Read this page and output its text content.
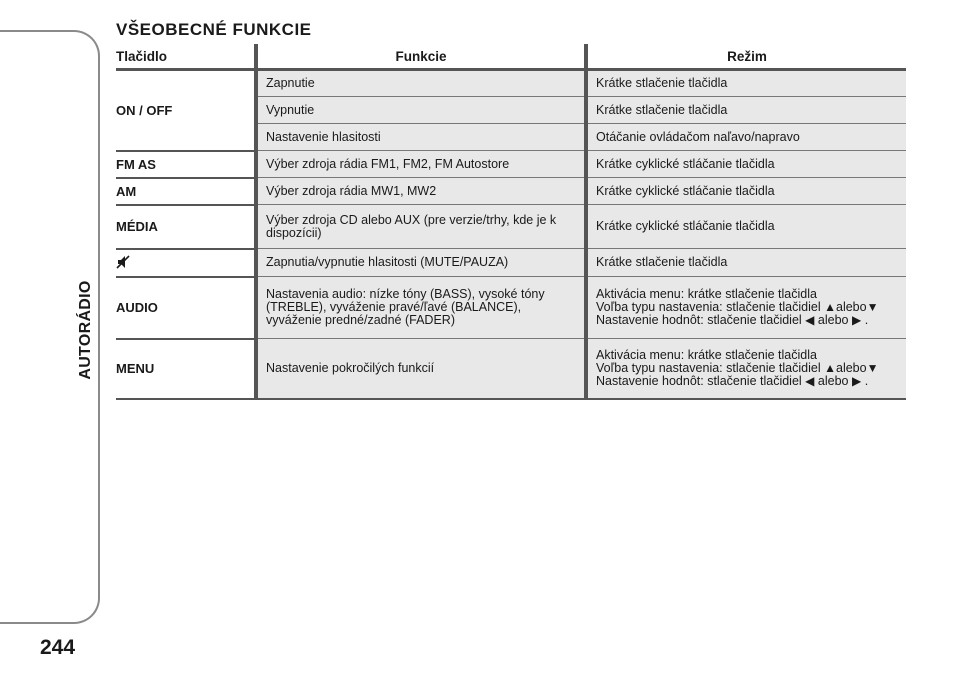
AUTORÁDIO
244
VŠEOBECNÉ FUNKCIE
Tlačidlo	Funkcie	Režim
ON / OFF	Zapnutie	Krátke stlačenie tlačidla
	Vypnutie	Krátke stlačenie tlačidla
	Nastavenie hlasitosti	Otáčanie ovládačom naľavo/napravo
FM AS	Výber zdroja rádia FM1, FM2, FM Autostore	Krátke cyklické stláčanie tlačidla
AM	Výber zdroja rádia MW1, MW2	Krátke cyklické stláčanie tlačidla
MÉDIA	Výber zdroja CD alebo AUX (pre verzie/trhy, kde je k dispozícii)	Krátke cyklické stláčanie tlačidla
	Zapnutia/vypnutie hlasitosti (MUTE/PAUZA)	Krátke stlačenie tlačidla
AUDIO	Nastavenia audio: nízke tóny (BASS), vysoké tóny (TREBLE), vyváženie pravé/ľavé (BALANCE), vyváženie predné/zadné (FADER)	Aktivácia menu: krátke stlačenie tlačidla
Voľba typu nastavenia: stlačenie tlačidiel ▲alebo▼
Nastavenie hodnôt: stlačenie tlačidiel ◀ alebo ▶ .

MENU	Nastavenie pokročilých funkcií	Aktivácia menu: krátke stlačenie tlačidla
Voľba typu nastavenia: stlačenie tlačidiel ▲alebo▼
Nastavenie hodnôt: stlačenie tlačidiel ◀ alebo ▶ .
